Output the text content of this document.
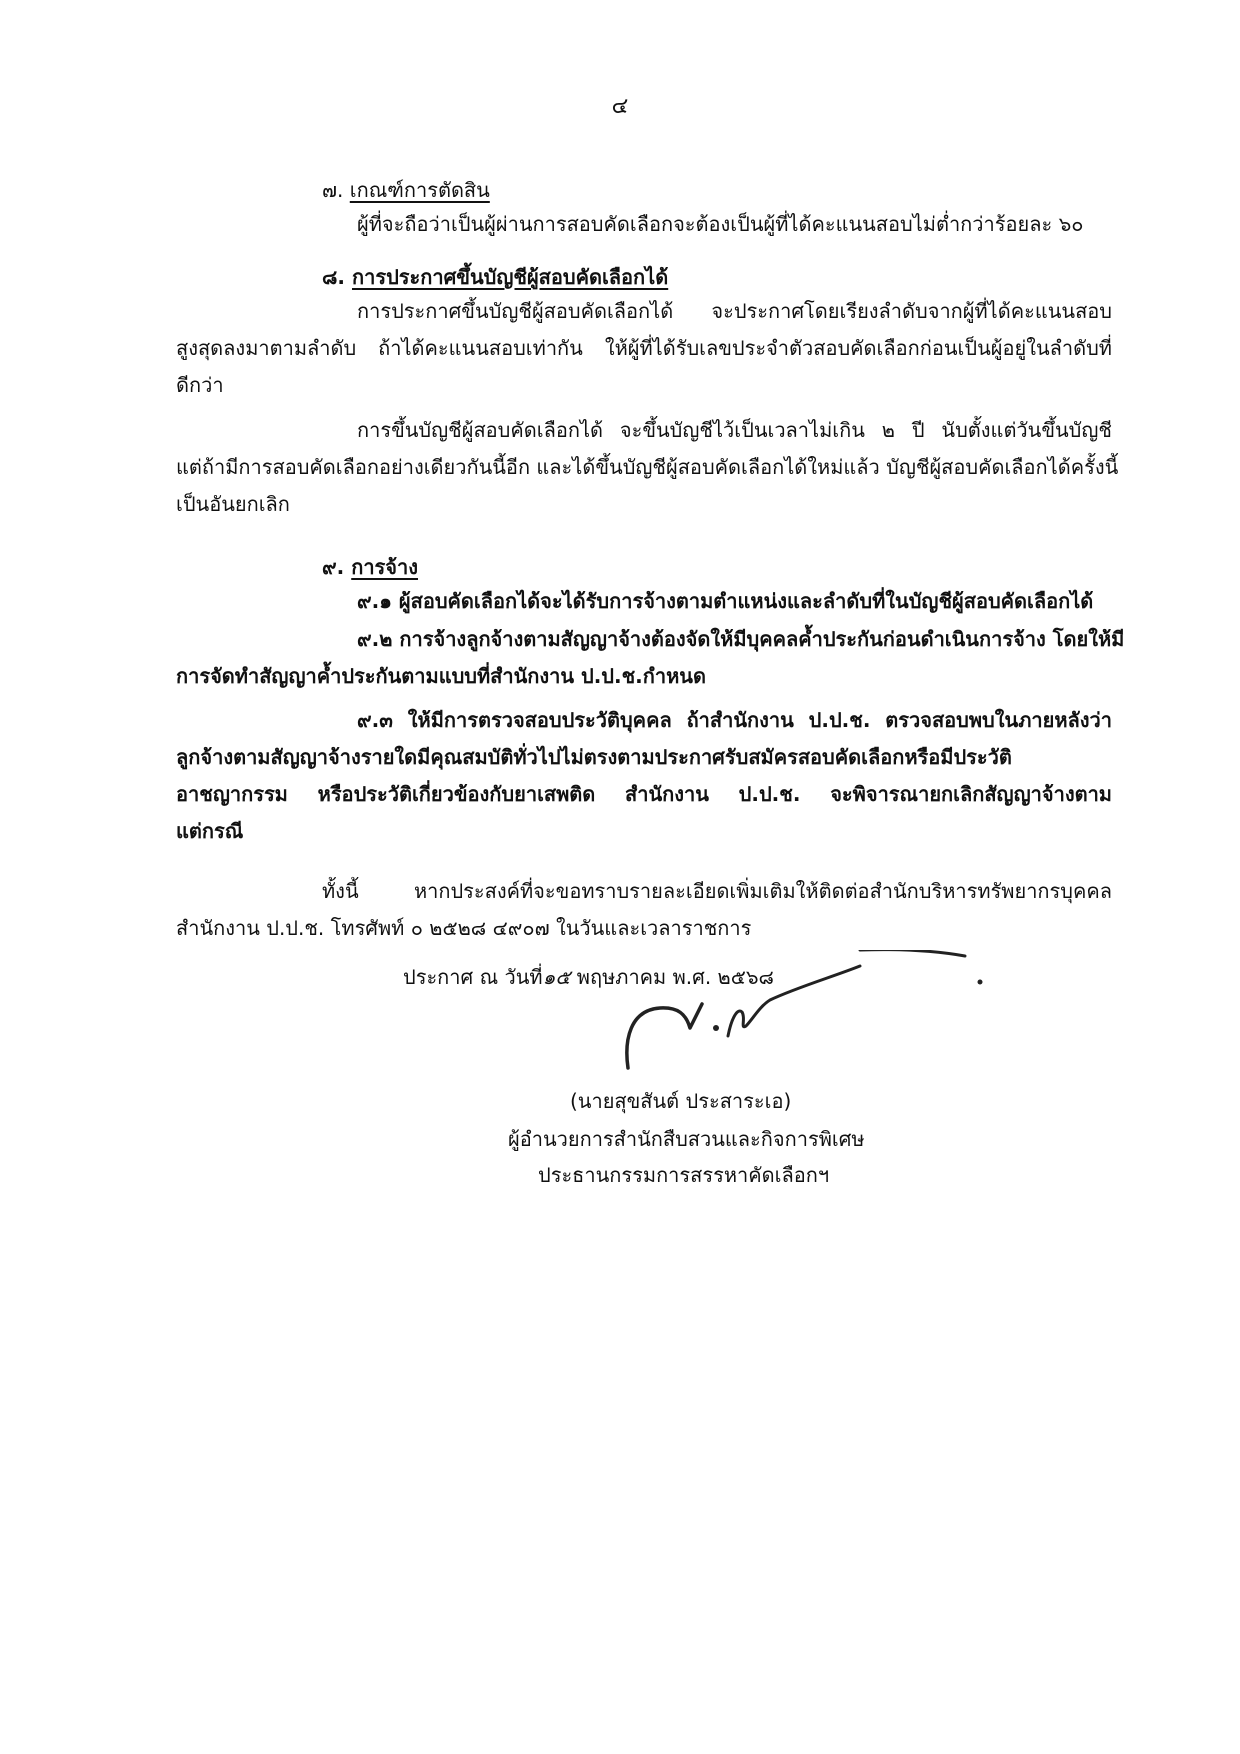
๔
๗. เกณฑ์การตัดสิน
ผู้ที่จะถือว่าเป็นผู้ผ่านการสอบคัดเลือกจะต้องเป็นผู้ที่ได้คะแนนสอบไม่ต่ำกว่าร้อยละ ๖๐
๘. การประกาศขึ้นบัญชีผู้สอบคัดเลือกได้
การประกาศขึ้นบัญชีผู้สอบคัดเลือกได้ จะประกาศโดยเรียงลำดับจากผู้ที่ได้คะแนนสอบ
สูงสุดลงมาตามลำดับ ถ้าได้คะแนนสอบเท่ากัน ให้ผู้ที่ได้รับเลขประจำตัวสอบคัดเลือกก่อนเป็นผู้อยู่ในลำดับที่
ดีกว่า
การขึ้นบัญชีผู้สอบคัดเลือกได้ จะขึ้นบัญชีไว้เป็นเวลาไม่เกิน ๒ ปี นับตั้งแต่วันขึ้นบัญชี
แต่ถ้ามีการสอบคัดเลือกอย่างเดียวกันนี้อีก และได้ขึ้นบัญชีผู้สอบคัดเลือกได้ใหม่แล้ว บัญชีผู้สอบคัดเลือกได้ครั้งนี้
เป็นอันยกเลิก
๙. การจ้าง
๙.๑ ผู้สอบคัดเลือกได้จะได้รับการจ้างตามตำแหน่งและลำดับที่ในบัญชีผู้สอบคัดเลือกได้
๙.๒ การจ้างลูกจ้างตามสัญญาจ้างต้องจัดให้มีบุคคลค้ำประกันก่อนดำเนินการจ้าง โดยให้มี
การจัดทำสัญญาค้ำประกันตามแบบที่สำนักงาน ป.ป.ช.กำหนด
๙.๓ ให้มีการตรวจสอบประวัติบุคคล ถ้าสำนักงาน ป.ป.ช. ตรวจสอบพบในภายหลังว่า
ลูกจ้างตามสัญญาจ้างรายใดมีคุณสมบัติทั่วไปไม่ตรงตามประกาศรับสมัครสอบคัดเลือกหรือมีประวัติ
อาชญากรรม หรือประวัติเกี่ยวข้องกับยาเสพติด สำนักงาน ป.ป.ช. จะพิจารณายกเลิกสัญญาจ้างตาม
แต่กรณี
ทั้งนี้ หากประสงค์ที่จะขอทราบรายละเอียดเพิ่มเติมให้ติดต่อสำนักบริหารทรัพยากรบุคคล
สำนักงาน ป.ป.ช. โทรศัพท์ ๐ ๒๕๒๘ ๔๙๐๗ ในวันและเวลาราชการ
ประกาศ ณ วันที่๑๕ พฤษภาคม พ.ศ. ๒๕๖๘
(นายสุขสันต์ ประสาระเอ)
ผู้อำนวยการสำนักสืบสวนและกิจการพิเศษ
ประธานกรรมการสรรหาคัดเลือกฯ
